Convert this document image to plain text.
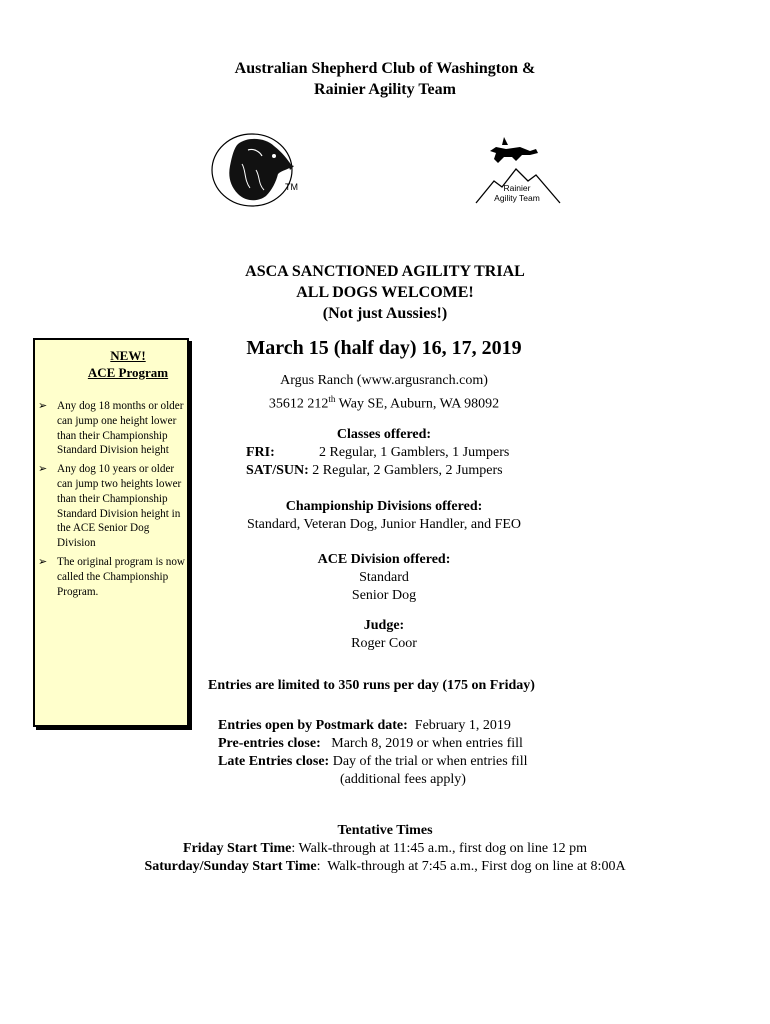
Australian Shepherd Club of Washington &
Rainier Agility Team
TM	Rainier
Agility Team
ASCA SANCTIONED AGILITY TRIAL
ALL DOGS WELCOME!
(Not just Aussies!)
NEW!
ACE Program
➢ Any dog 18 months or older can jump one height lower than their Championship Standard Division height
➢ Any dog 10 years or older can jump two heights lower than their Championship Standard Division height in the ACE Senior Dog Division
➢ The original program is now called the Championship Program.
March 15 (half day) 16, 17, 2019
Argus Ranch (www.argusranch.com)
35612 212th Way SE, Auburn, WA 98092
Classes offered:
FRI:	2 Regular, 1 Gamblers, 1 Jumpers
SAT/SUN: 2 Regular, 2 Gamblers, 2 Jumpers
Championship Divisions offered:
Standard, Veteran Dog, Junior Handler, and FEO
ACE Division offered:
Standard
Senior Dog
Judge:
Roger Coor
Entries are limited to 350 runs per day (175 on Friday)
Entries open by Postmark date:  February 1, 2019
Pre-entries close:   March 8, 2019 or when entries fill
Late Entries close: Day of the trial or when entries fill
(additional fees apply)
Tentative Times
Friday Start Time: Walk-through at 11:45 a.m., first dog on line 12 pm
Saturday/Sunday Start Time:  Walk-through at 7:45 a.m., First dog on line at 8:00A
